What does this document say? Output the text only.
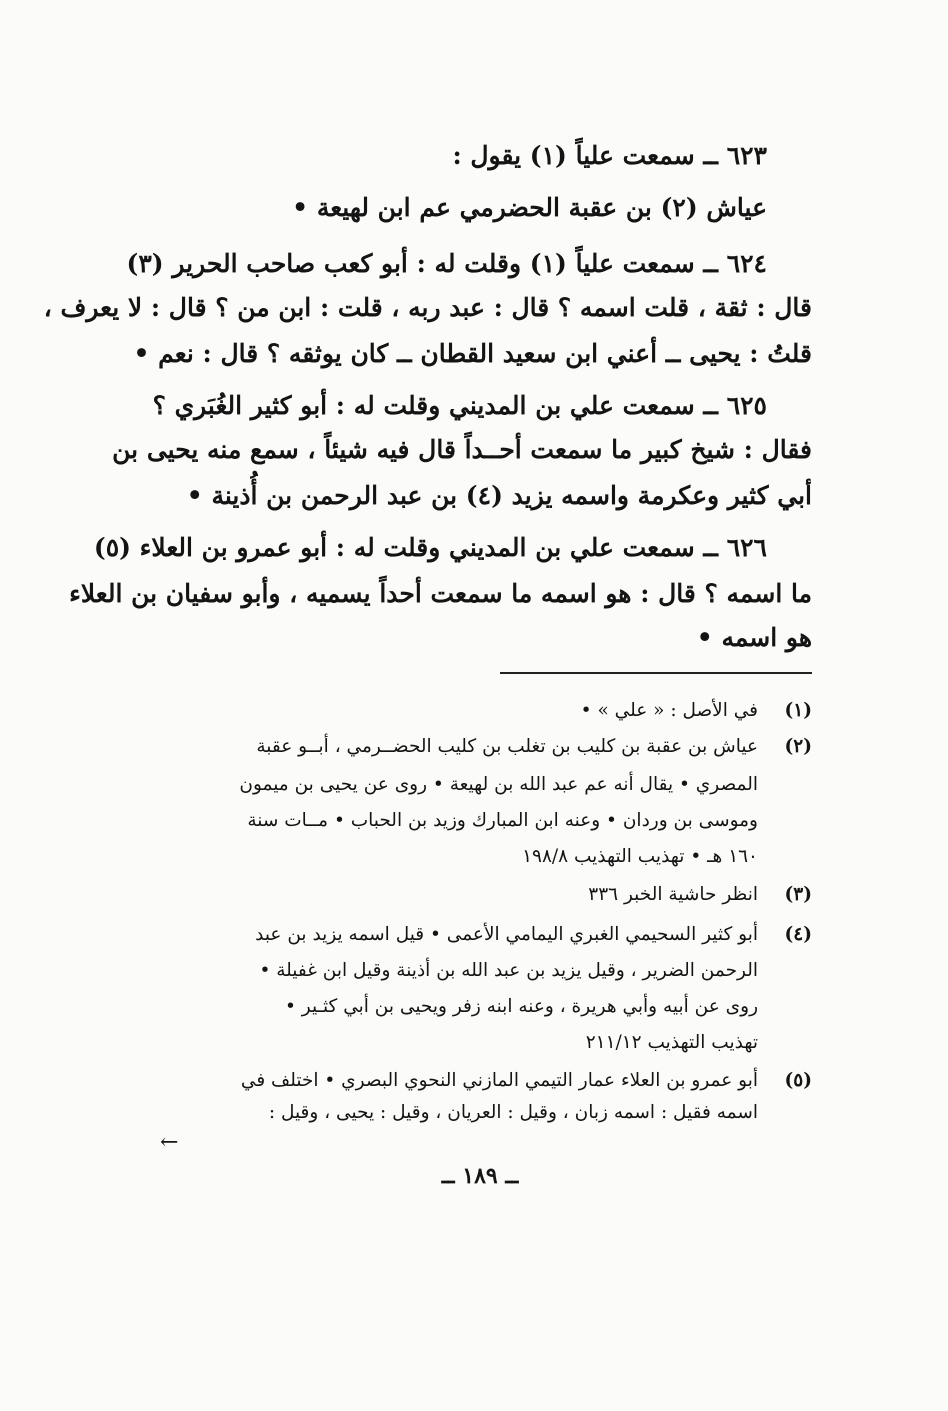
٦٢٣ ــ سمعت علياً (١) يقول :
عياش (٢) بن عقبة الحضرمي عم ابن لهيعة •
٦٢٤ ــ سمعت علياً (١) وقلت له : أبو كعب صاحب الحرير (٣)
قال : ثقة ، قلت اسمه ؟ قال : عبد ربه ، قلت : ابن من ؟ قال : لا يعرف ،
قلتُ : يحيى ــ أعني ابن سعيد القطان ــ كان يوثقه ؟ قال : نعم •
٦٢٥ ــ سمعت علي بن المديني وقلت له : أبو كثير الغُبَري ؟
فقال : شيخ كبير ما سمعت أحــداً قال فيه شيئاً ، سمع منه يحيى بن
أبي كثير وعكرمة واسمه يزيد (٤) بن عبد الرحمن بن أُذينة •
٦٢٦ ــ سمعت علي بن المديني وقلت له : أبو عمرو بن العلاء (٥)
ما اسمه ؟ قال : هو اسمه ما سمعت أحداً يسميه ، وأبو سفيان بن العلاء
هو اسمه •
(١)
في الأصل : « علي » •
(٢)
عياش بن عقبة بن كليب بن تغلب بن كليب الحضــرمي ، أبــو عقبة
المصري • يقال أنه عم عبد الله بن لهيعة • روى عن يحيى بن ميمون
وموسى بن وردان • وعنه ابن المبارك وزيد بن الحباب • مــات سنة
١٦٠ هـ • تهذيب التهذيب ١٩٨/٨
(٣)
انظر حاشية الخبر ٣٣٦
(٤)
أبو كثير السحيمي الغبري اليمامي الأعمى • قيل اسمه يزيد بن عبد
الرحمن الضرير ، وقيل يزيد بن عبد الله بن أذينة وقيل ابن غفيلة •
روى عن أبيه وأبي هريرة ، وعنه ابنه زفر ويحيى بن أبي كثـير •
تهذيب التهذيب ٢١١/١٢
(٥)
أبو عمرو بن العلاء عمار التيمي المازني النحوي البصري • اختلف في
اسمه فقيل : اسمه زبان ، وقيل : العريان ، وقيل : يحيى ، وقيل :
←
ــ ١٨٩ ــ
